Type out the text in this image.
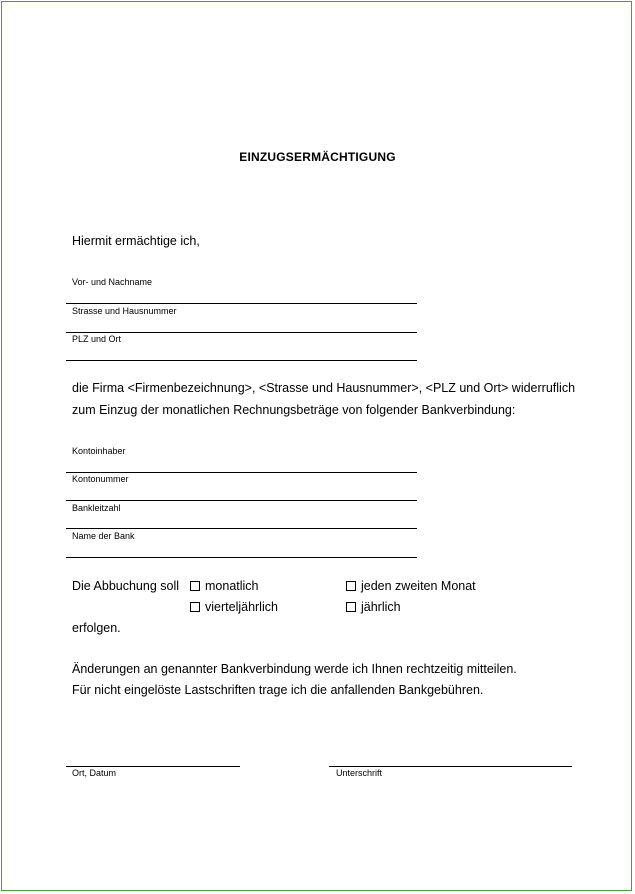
EINZUGSERMÄCHTIGUNG
Hiermit ermächtige ich,
Vor- und Nachname
Strasse und Hausnummer
PLZ und Ort
die Firma <Firmenbezeichnung>, <Strasse und Hausnummer>, <PLZ und Ort> widerruflich
zum Einzug der monatlichen Rechnungsbeträge von folgender Bankverbindung:
Kontoinhaber
Kontonummer
Bankleitzahl
Name der Bank
Die Abbuchung soll monatlich	jeden zweiten Monat
vierteljährlich	jährlich
erfolgen.
Änderungen an genannter Bankverbindung werde ich Ihnen rechtzeitig mitteilen.
Für nicht eingelöste Lastschriften trage ich die anfallenden Bankgebühren.
Ort, Datum	Unterschrift
